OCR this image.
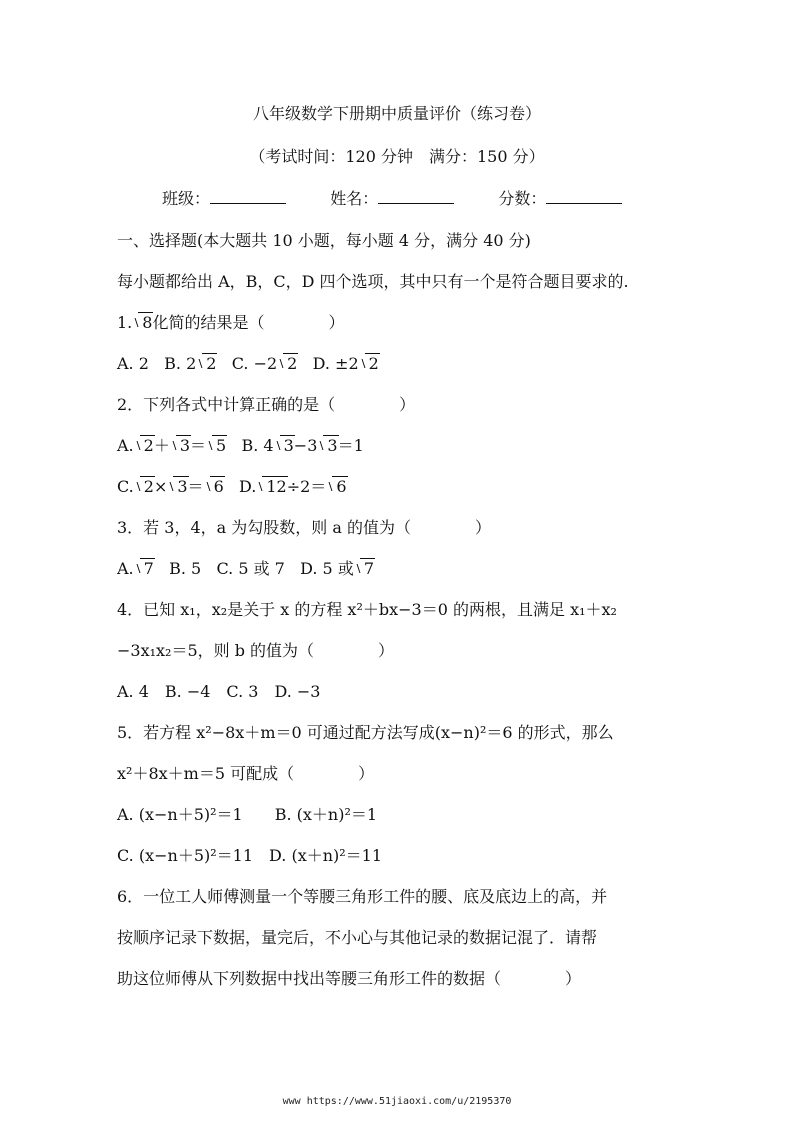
八年级数学下册期中质量评价（练习卷）
（考试时间：120 分钟　满分：150 分）
班级：	姓名：	分数：
一、选择题(本大题共 10 小题，每小题 4 分，满分 40 分)
每小题都给出 A，B，C，D 四个选项，其中只有一个是符合题目要求的.
1. 8化简的结果是（　　　　）
A. 2 B. 2 2 C. −2 2 D. ±2 2
2．下列各式中计算正确的是（　　　　）
A. 2＋ 3＝ 5 B. 4 3−3 3＝1
C. 2× 3＝ 6 D. 12÷2＝ 6
3．若 3，4，a 为勾股数，则 a 的值为（　　　　）
A. 7 B. 5 C. 5 或 7 D. 5 或 7
4．已知 x₁，x₂是关于 x 的方程 x²＋bx−3＝0 的两根，且满足 x₁＋x₂
−3x₁x₂＝5，则 b 的值为（　　　　）
A. 4　B. −4　C. 3　D. −3
5．若方程 x²−8x＋m＝0 可通过配方法写成(x−n)²＝6 的形式，那么
x²＋8x＋m＝5 可配成（　　　　）
A. (x−n＋5)²＝1　　B. (x＋n)²＝1
C. (x−n＋5)²＝11　D. (x＋n)²＝11
6．一位工人师傅测量一个等腰三角形工件的腰、底及底边上的高，并
按顺序记录下数据，量完后，不小心与其他记录的数据记混了．请帮
助这位师傅从下列数据中找出等腰三角形工件的数据（　　　　）
www https://www.51jiaoxi.com/u/2195370
